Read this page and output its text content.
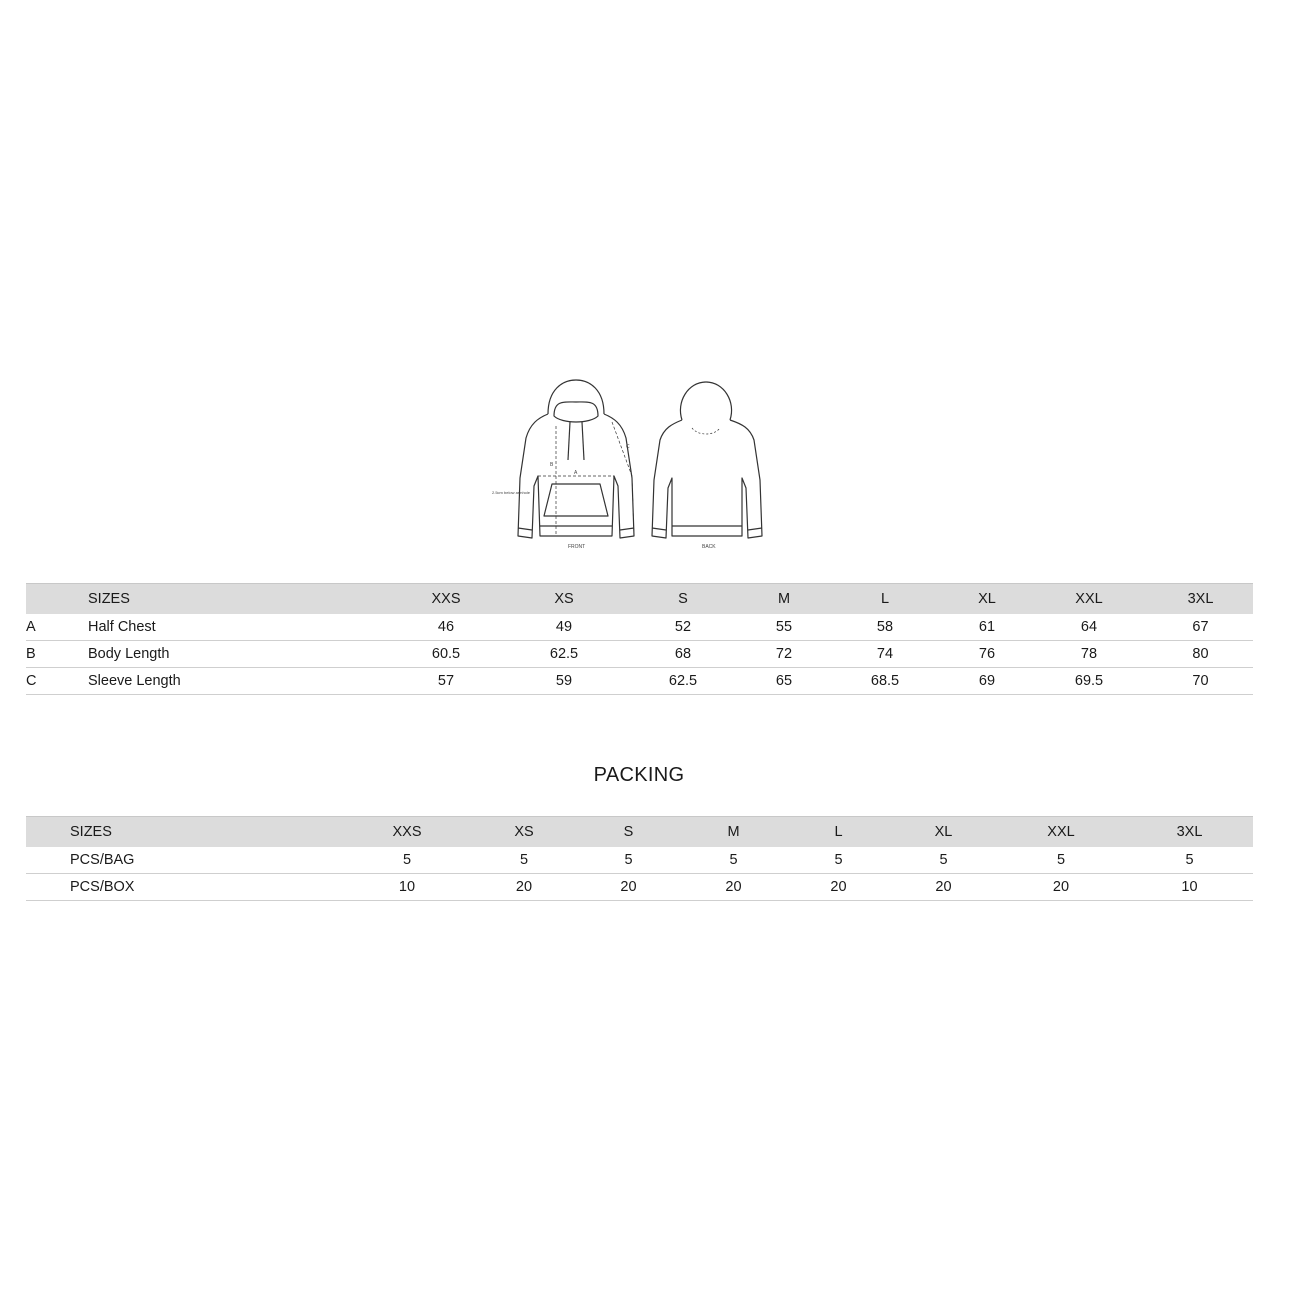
FRONT	BACK
A
B
C
2.5cm below armhole
	SIZES	XXS	XS	S	M	L	XL	XXL	3XL
A	Half Chest	46	49	52	55	58	61	64	67
B	Body Length	60.5	62.5	68	72	74	76	78	80
C	Sleeve Length	57	59	62.5	65	68.5	69	69.5	70
PACKING
SIZES	XXS	XS	S	M	L	XL	XXL	3XL
PCS/BAG	5	5	5	5	5	5	5	5
PCS/BOX	10	20	20	20	20	20	20	10
